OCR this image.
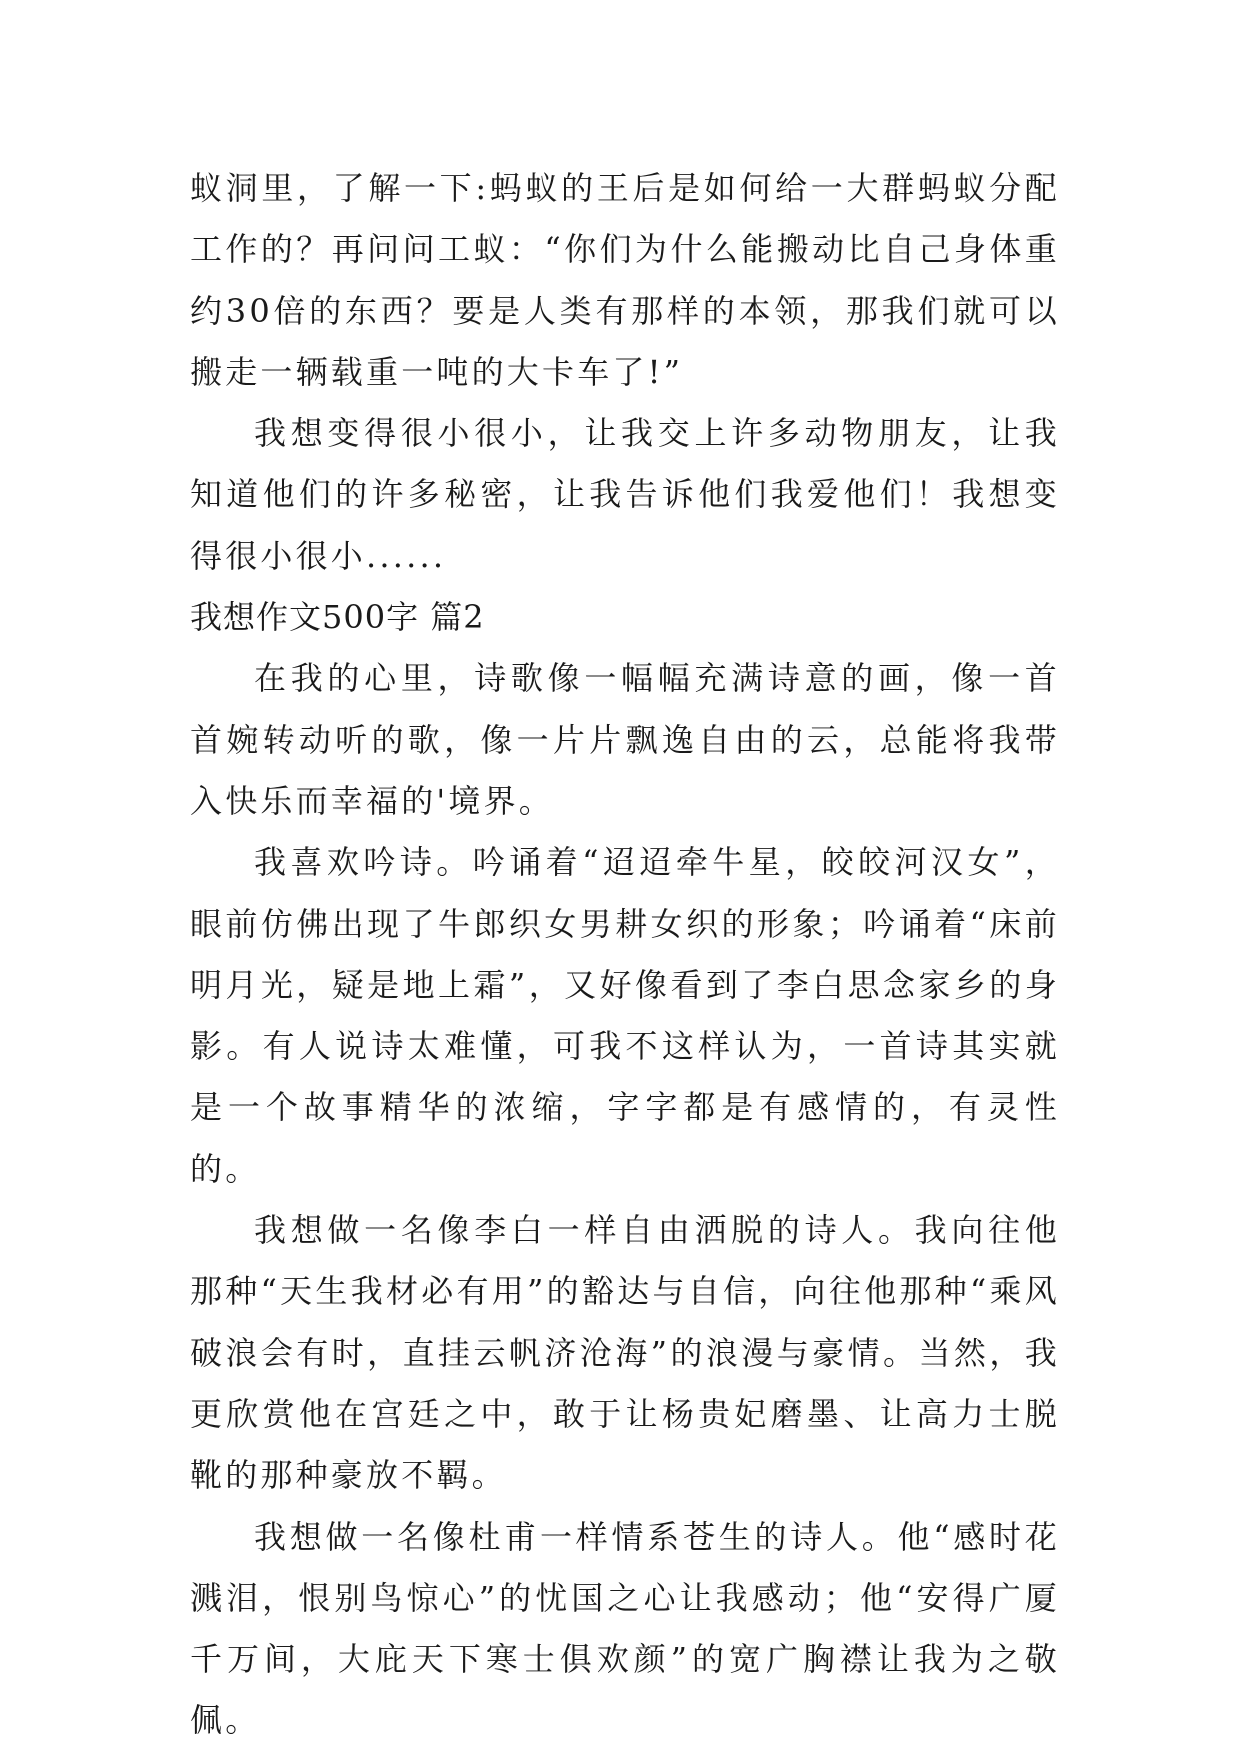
蚁洞里，了解一下:蚂蚁的王后是如何给一大群蚂蚁分配工作的？再问问工蚁：“你们为什么能搬动比自己身体重约30倍的东西？要是人类有那样的本领，那我们就可以搬走一辆载重一吨的大卡车了!”

我想变得很小很小，让我交上许多动物朋友，让我知道他们的许多秘密，让我告诉他们我爱他们！我想变得很小很小......

我想作文500字 篇2

在我的心里，诗歌像一幅幅充满诗意的画，像一首首婉转动听的歌，像一片片飘逸自由的云，总能将我带入快乐而幸福的'境界。

我喜欢吟诗。吟诵着“迢迢牵牛星，皎皎河汉女”，眼前仿佛出现了牛郎织女男耕女织的形象；吟诵着“床前明月光，疑是地上霜”，又好像看到了李白思念家乡的身影。有人说诗太难懂，可我不这样认为，一首诗其实就是一个故事精华的浓缩，字字都是有感情的，有灵性的。

我想做一名像李白一样自由洒脱的诗人。我向往他那种“天生我材必有用”的豁达与自信，向往他那种“乘风破浪会有时，直挂云帆济沧海”的浪漫与豪情。当然，我更欣赏他在宫廷之中，敢于让杨贵妃磨墨、让高力士脱靴的那种豪放不羁。

我想做一名像杜甫一样情系苍生的诗人。他“感时花溅泪，恨别鸟惊心”的忧国之心让我感动；他“安得广厦千万间，大庇天下寒士俱欢颜”的宽广胸襟让我为之敬佩。
